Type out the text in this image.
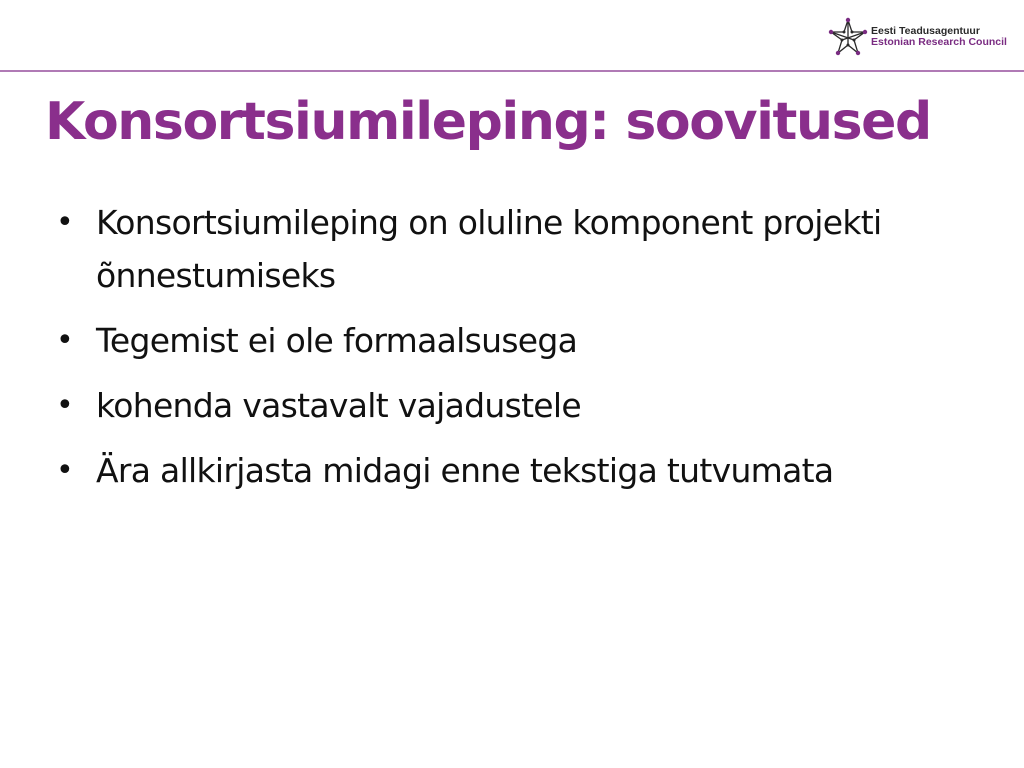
Eesti Teadusagentuur
Estonian Research Council
Konsortsiumileping: soovitused
• Konsortsiumileping on oluline komponent projekti õnnestumiseks
• Tegemist ei ole formaalsusega
• kohenda vastavalt vajadustele
• Ära allkirjasta midagi enne tekstiga tutvumata
